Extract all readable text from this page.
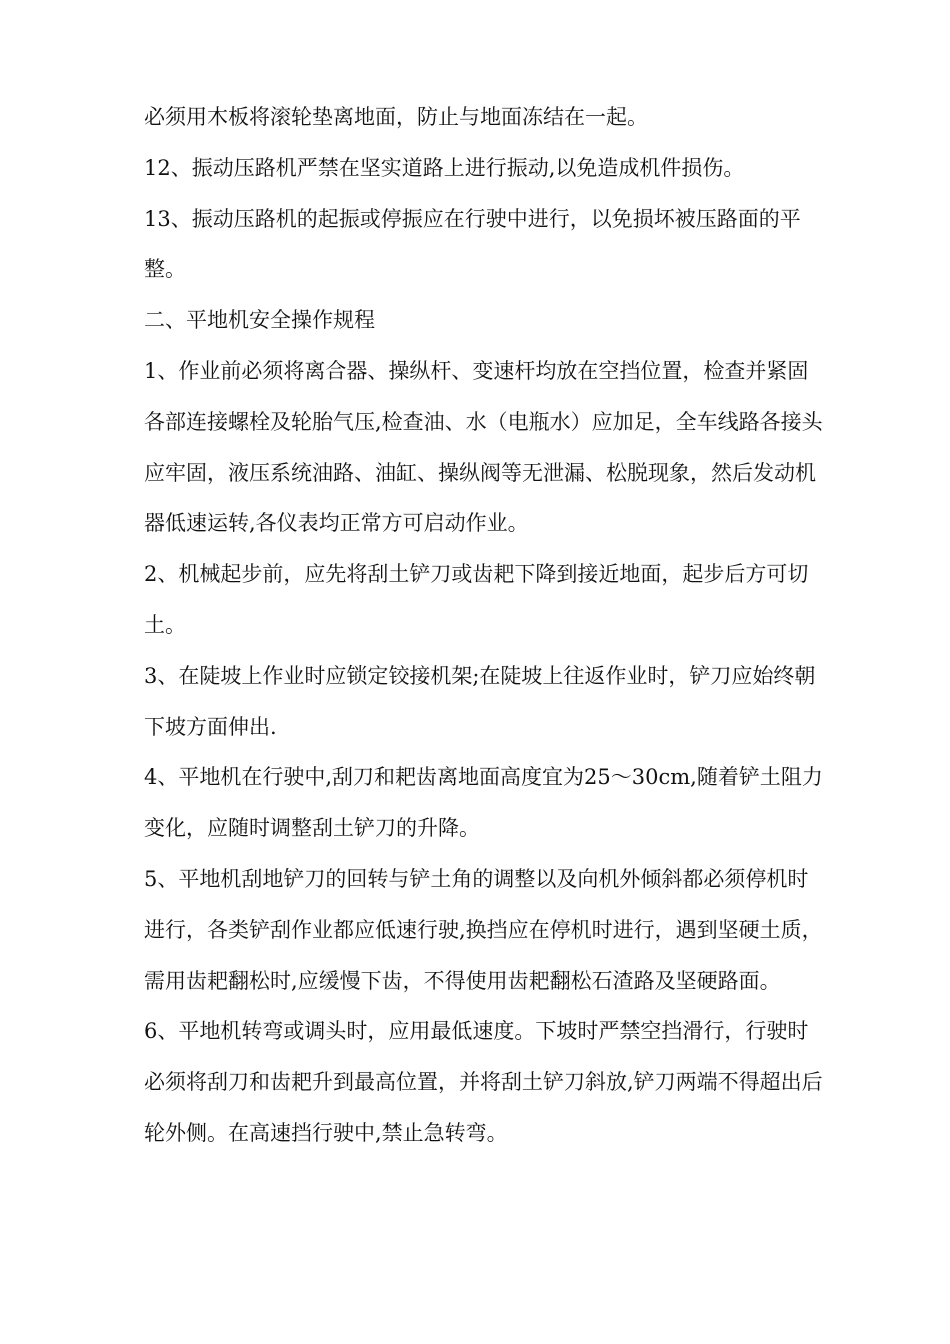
必须用木板将滚轮垫离地面，防止与地面冻结在一起。

12、振动压路机严禁在坚实道路上进行振动,以免造成机件损伤。

13、振动压路机的起振或停振应在行驶中进行，以免损坏被压路面的平整。

二、平地机安全操作规程

1、作业前必须将离合器、操纵杆、变速杆均放在空挡位置，检查并紧固各部连接螺栓及轮胎气压,检查油、水（电瓶水）应加足，全车线路各接头应牢固，液压系统油路、油缸、操纵阀等无泄漏、松脱现象，然后发动机器低速运转,各仪表均正常方可启动作业。

2、机械起步前，应先将刮土铲刀或齿耙下降到接近地面，起步后方可切土。

3、在陡坡上作业时应锁定铰接机架;在陡坡上往返作业时，铲刀应始终朝下坡方面伸出.

4、平地机在行驶中,刮刀和耙齿离地面高度宜为25～30cm,随着铲土阻力变化，应随时调整刮土铲刀的升降。

5、平地机刮地铲刀的回转与铲土角的调整以及向机外倾斜都必须停机时进行，各类铲刮作业都应低速行驶,换挡应在停机时进行，遇到坚硬土质，需用齿耙翻松时,应缓慢下齿，不得使用齿耙翻松石渣路及坚硬路面。

6、平地机转弯或调头时，应用最低速度。下坡时严禁空挡滑行，行驶时必须将刮刀和齿耙升到最高位置，并将刮土铲刀斜放,铲刀两端不得超出后轮外侧。在高速挡行驶中,禁止急转弯。
